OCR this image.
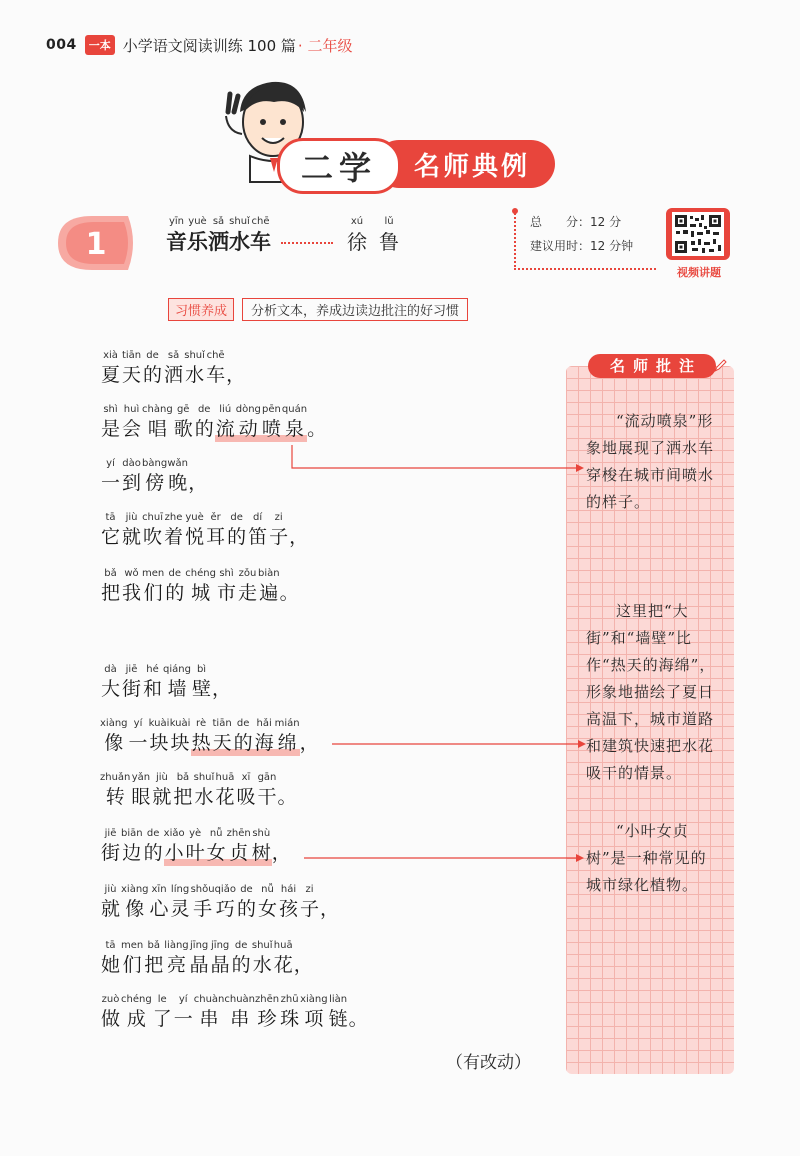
004	一本 小学语文阅读训练 100 篇 · 二年级
二学	名师典例
1
yīn
音
yuè
乐
sǎ
洒
shuǐ
水
chē
车
xú
徐
lǔ
鲁
总　　分：12 分
建议用时：12 分钟
视频讲题
习惯养成	分析文本，养成边读边批注的好习惯
名师批注
“流动喷泉”形象地展现了洒水车穿梭在城市间喷水的样子。
这里把“大街”和“墙壁”比作“热天的海绵”，形象地描绘了夏日高温下，城市道路和建筑快速把水花吸干的情景。
“小叶女贞树”是一种常见的城市绿化植物。
xià
夏
tiān
天
de
的
sǎ
洒
shuǐ
水
chē
车 ，
shì
是
huì
会
chàng
唱
gē
歌
de
的
liú
流
dòng
动
pēn
喷
quán
泉 。
yí
一
dào
到
bàng
傍
wǎn
晚 ，
tā
它
jiù
就
chuī
吹
zhe
着
yuè
悦
ěr
耳
de
的
dí
笛
zi
子 ，
bǎ
把
wǒ
我
men
们
de
的
chéng
城
shì
市
zǒu
走
biàn
遍 。
dà
大
jiē
街
hé
和
qiáng
墙
bì
壁 ，
xiàng
像
yí
一
kuài
块
kuài
块
rè
热
tiān
天
de
的
hǎi
海
mián
绵 ，
zhuǎn
转
yǎn
眼
jiù
就
bǎ
把
shuǐ
水
huā
花
xī
吸
gān
干 。
jiē
街
biān
边
de
的
xiǎo
小
yè
叶
nǚ
女
zhēn
贞
shù
树 ，
jiù
就
xiàng
像
xīn
心
líng
灵
shǒu
手
qiǎo
巧
de
的
nǚ
女
hái
孩
zi
子 ，
tā
她
men
们
bǎ
把
liàng
亮
jīng
晶
jīng
晶
de
的
shuǐ
水
huā
花 ，
zuò
做
chéng
成
le
了
yí
一
chuàn
串
chuàn
串
zhēn
珍
zhū
珠
xiàng
项
liàn
链 。
（有改动）
